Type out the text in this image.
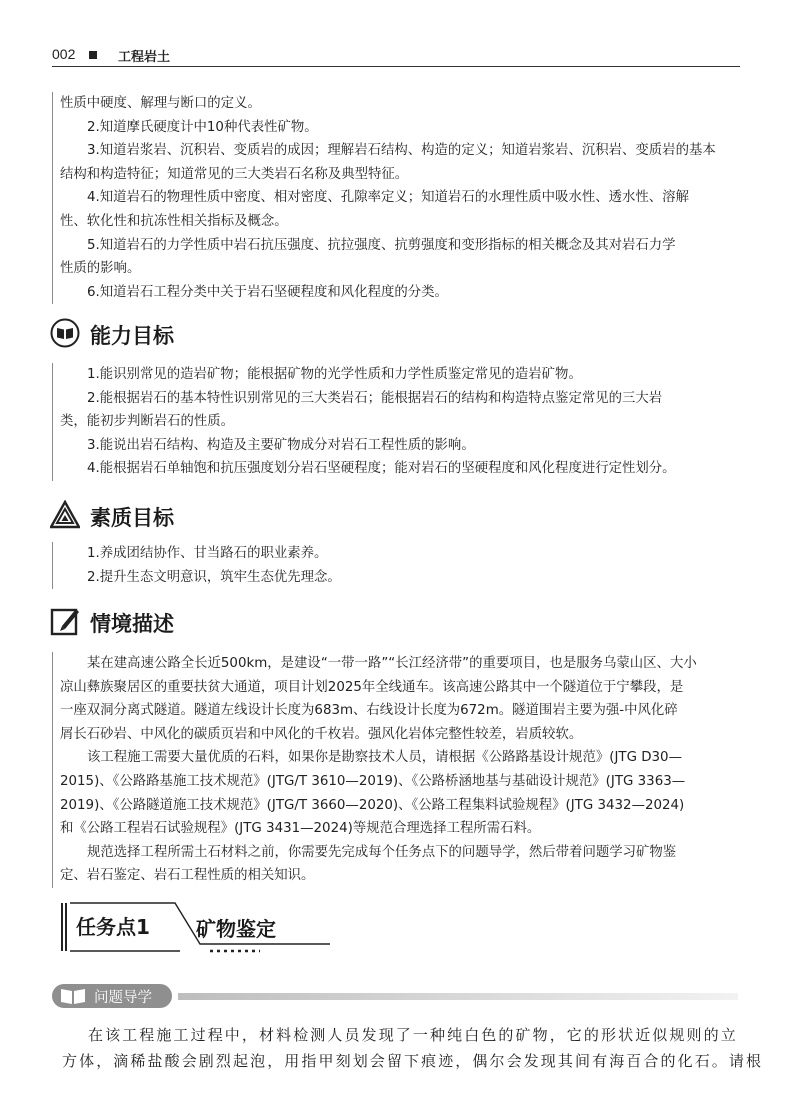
002	工程岩土

性质中硬度、解理与断口的定义。

2.知道摩氏硬度计中10种代表性矿物。

3.知道岩浆岩、沉积岩、变质岩的成因；理解岩石结构、构造的定义；知道岩浆岩、沉积岩、变质岩的基本

结构和构造特征；知道常见的三大类岩石名称及典型特征。

4.知道岩石的物理性质中密度、相对密度、孔隙率定义；知道岩石的水理性质中吸水性、透水性、溶解

性、软化性和抗冻性相关指标及概念。

5.知道岩石的力学性质中岩石抗压强度、抗拉强度、抗剪强度和变形指标的相关概念及其对岩石力学

性质的影响。

6.知道岩石工程分类中关于岩石坚硬程度和风化程度的分类。

能力目标

1.能识别常见的造岩矿物；能根据矿物的光学性质和力学性质鉴定常见的造岩矿物。

2.能根据岩石的基本特性识别常见的三大类岩石；能根据岩石的结构和构造特点鉴定常见的三大岩

类，能初步判断岩石的性质。

3.能说出岩石结构、构造及主要矿物成分对岩石工程性质的影响。

4.能根据岩石单轴饱和抗压强度划分岩石坚硬程度；能对岩石的坚硬程度和风化程度进行定性划分。

素质目标

1.养成团结协作、甘当路石的职业素养。

2.提升生态文明意识，筑牢生态优先理念。

情境描述

某在建高速公路全长近500km，是建设“一带一路”“长江经济带”的重要项目，也是服务乌蒙山区、大小

凉山彝族聚居区的重要扶贫大通道，项目计划2025年全线通车。该高速公路其中一个隧道位于宁攀段，是

一座双洞分离式隧道。隧道左线设计长度为683m、右线设计长度为672m。隧道围岩主要为强-中风化碎

屑长石砂岩、中风化的碳质页岩和中风化的千枚岩。强风化岩体完整性较差，岩质较软。

该工程施工需要大量优质的石料，如果你是勘察技术人员，请根据《公路路基设计规范》(JTG D30—

2015)、《公路路基施工技术规范》(JTG/T 3610—2019)、《公路桥涵地基与基础设计规范》(JTG 3363—

2019)、《公路隧道施工技术规范》(JTG/T 3660—2020)、《公路工程集料试验规程》(JTG 3432—2024)

和《公路工程岩石试验规程》(JTG 3431—2024)等规范合理选择工程所需石料。

规范选择工程所需土石材料之前，你需要先完成每个任务点下的问题导学，然后带着问题学习矿物鉴

定、岩石鉴定、岩石工程性质的相关知识。

任务点1 矿物鉴定
问题导学

在该工程施工过程中，材料检测人员发现了一种纯白色的矿物，它的形状近似规则的立

方体，滴稀盐酸会剧烈起泡，用指甲刻划会留下痕迹，偶尔会发现其间有海百合的化石。请根
